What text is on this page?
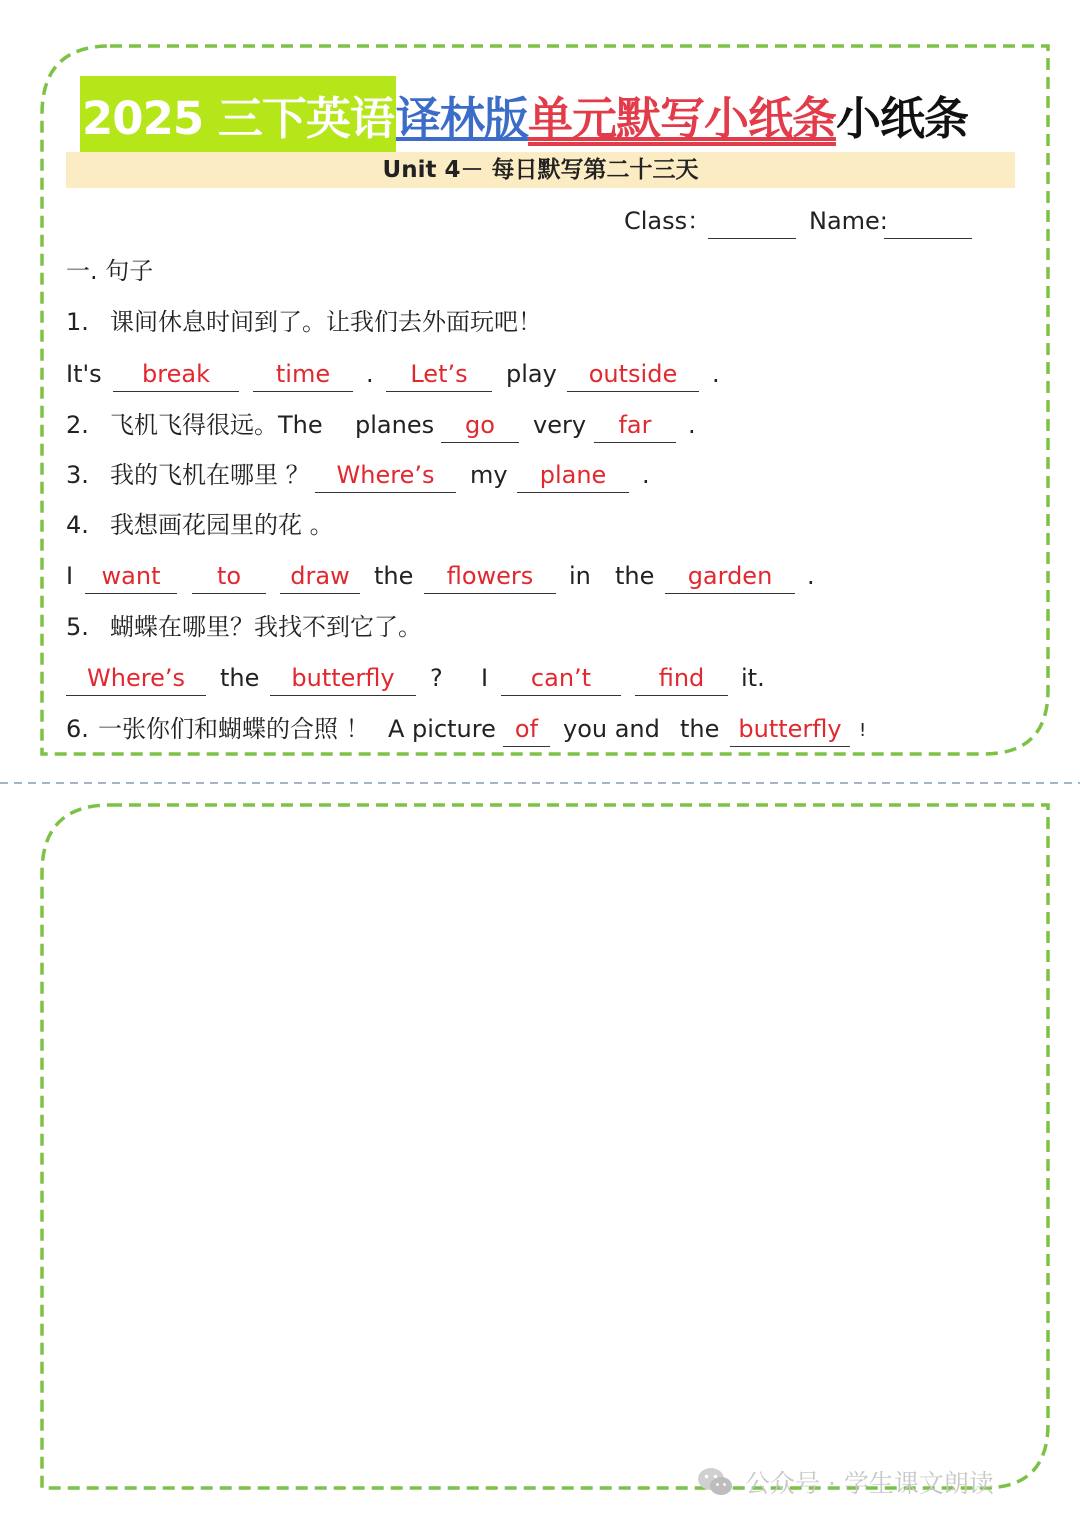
2025 三下英语 译林版 单元默写小纸条 小纸条
Unit 4－ 每日默写第二十三天
Class：	Name:
一. 句子
1. 课间休息时间到了。让我们去外面玩吧！
It's	break	time	.	Let’s	play	outside	.
2. 飞机飞得很远。The planes	go	very	far	.
3. 我的飞机在哪里 ？	Where’s	my	plane	.
4. 我想画花园里的花 。
I	want	to	draw	the	flowers	in the	garden	.
5. 蝴蝶在哪里？我找不到它了。
Where’s	the	butterfly	? I	can’t	find	it.
6. 一张你们和蝴蝶的合照 ！ A picture of	you and the butterfly !
公众号 · 学生课文朗读
